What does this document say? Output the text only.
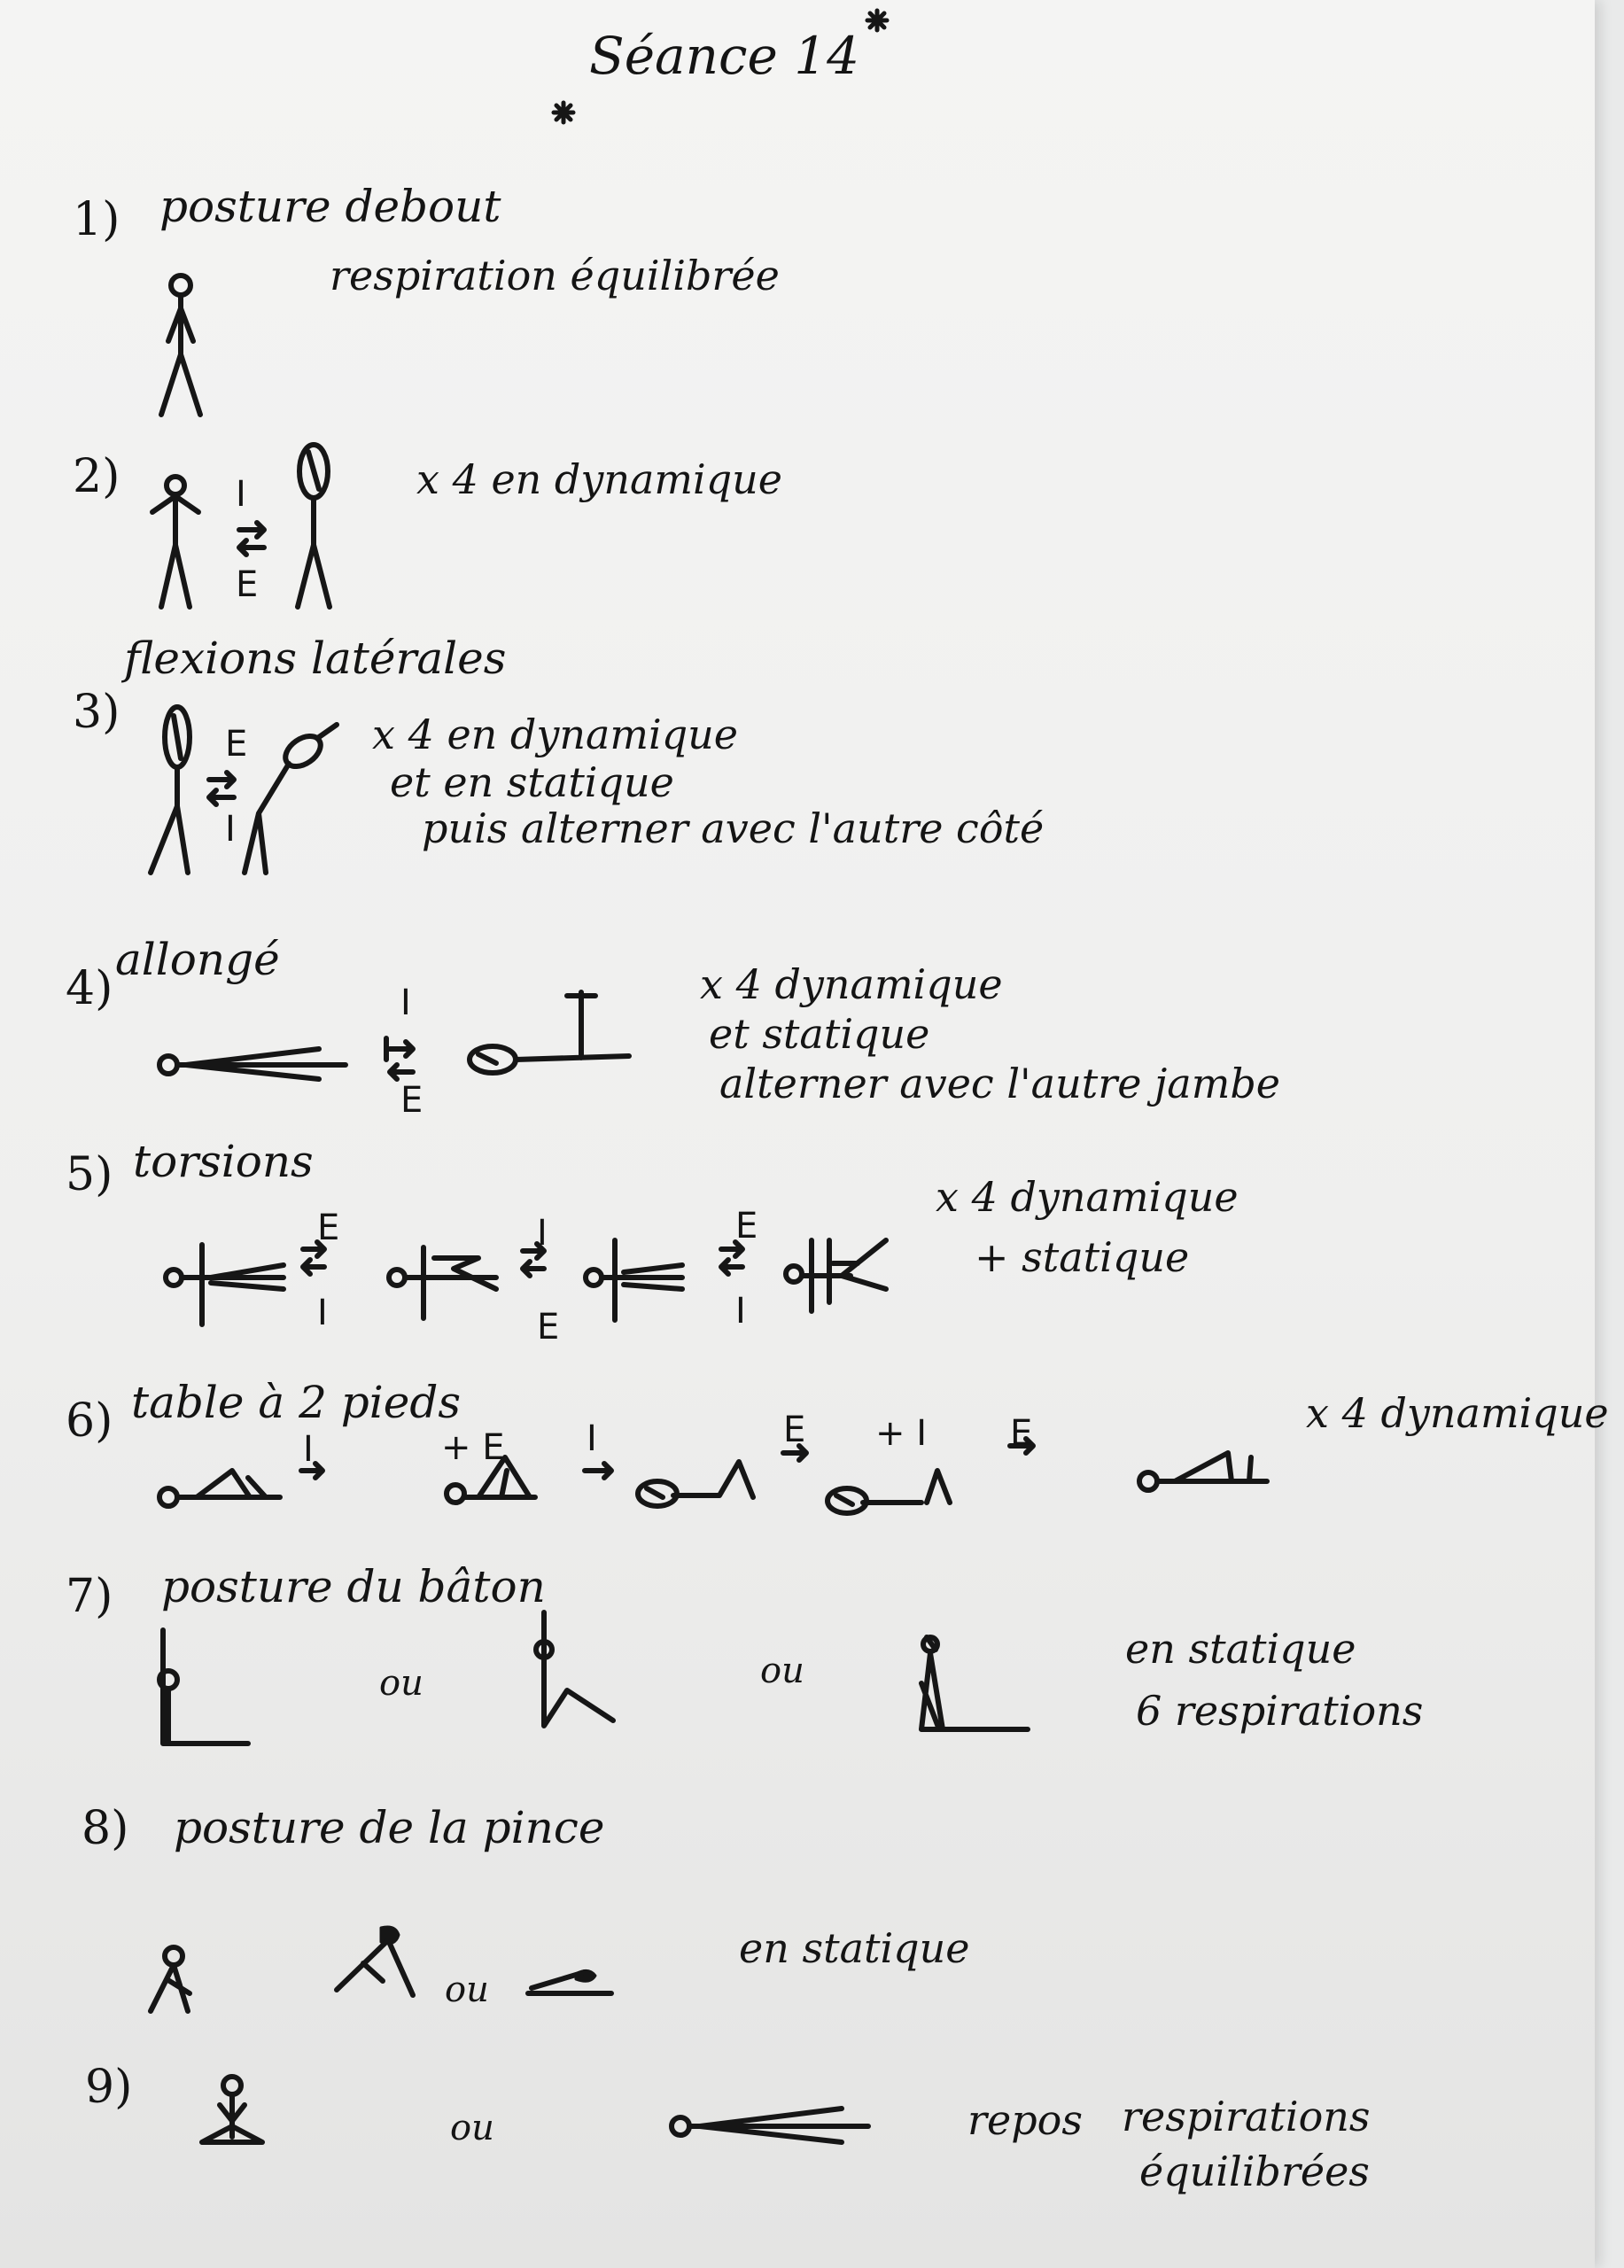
Séance 14
1) posture debout
respiration équilibrée
2)	I
E
x 4 en dynamique
flexions latérales
3)
E
I
x 4 en dynamique
et en statique
puis alterner avec l'autre côté
4)
allongé
I
E
x 4 dynamique
et statique
alterner avec l'autre jambe
5) torsions
E
I
I
E
E
I
x 4 dynamique
+ statique
6) table à 2 pieds
I	+ E I	E + I E	x 4 dynamique
7) posture du bâton
ou	ou	en statique
6 respirations
8) posture de la pince
ou
en statique
9)
ou	repos respirations
équilibrées
